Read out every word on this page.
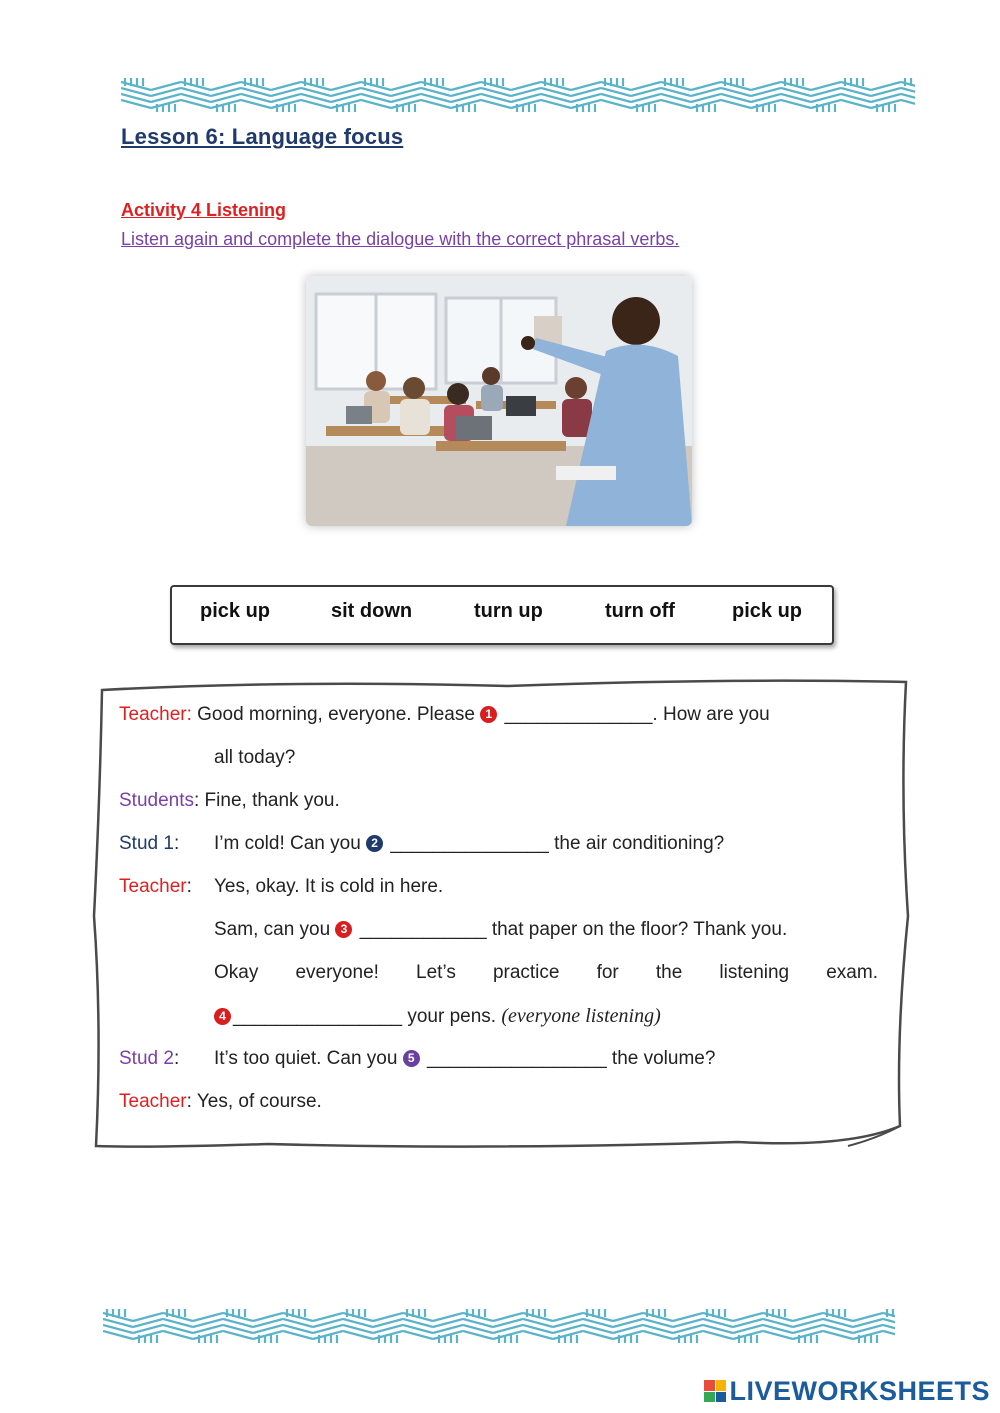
Lesson 6: Language focus
Activity 4 Listening
Listen again and complete the dialogue with the correct phrasal verbs.
pick up	sit down	turn up	turn off	pick up
Teacher: Good morning, everyone. Please 1 ______________. How are you
all today?
Students: Fine, thank you.
Stud 1: I’m cold! Can you 2 _______________ the air conditioning?
Teacher: Yes, okay. It is cold in here.
Sam, can you 3 ____________ that paper on the floor? Thank you.
Okay everyone! Let’s practice for the listening exam.
4 ________________ your pens. (everyone listening)
Stud 2: It’s too quiet. Can you 5 _________________ the volume?
Teacher: Yes, of course.
LIVEWORKSHEETS
